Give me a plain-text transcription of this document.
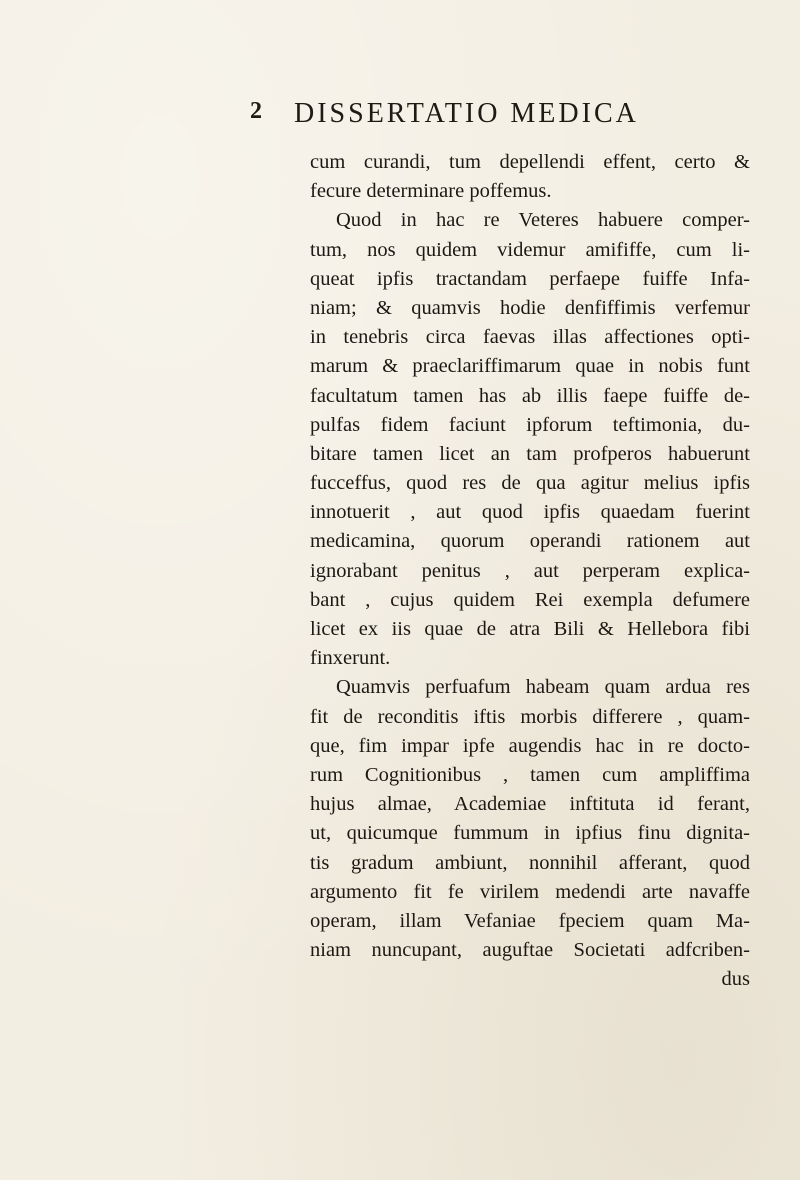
2 DISSERTATIO MEDICA
cum curandi, tum depellendi effent, certo &
fecure determinare poffemus.
Quod in hac re Veteres habuere comper-
tum, nos quidem videmur amififfe, cum li-
queat ipfis tractandam perfaepe fuiffe Infa-
niam; & quamvis hodie denfiffimis verfemur
in tenebris circa faevas illas affectiones opti-
marum & praeclariffimarum quae in nobis funt
facultatum tamen has ab illis faepe fuiffe de-
pulfas fidem faciunt ipforum teftimonia, du-
bitare tamen licet an tam profperos habuerunt
fucceffus, quod res de qua agitur melius ipfis
innotuerit , aut quod ipfis quaedam fuerint
medicamina, quorum operandi rationem aut
ignorabant penitus , aut perperam explica-
bant , cujus quidem Rei exempla defumere
licet ex iis quae de atra Bili & Hellebora fibi
finxerunt.
Quamvis perfuafum habeam quam ardua res
fit de reconditis iftis morbis differere , quam-
que, fim impar ipfe augendis hac in re docto-
rum Cognitionibus , tamen cum ampliffima
hujus almae, Academiae inftituta id ferant,
ut, quicumque fummum in ipfius finu dignita-
tis gradum ambiunt, nonnihil afferant, quod
argumento fit fe virilem medendi arte navaffe
operam, illam Vefaniae fpeciem quam Ma-
niam nuncupant, auguftae Societati adfcriben-
dus
